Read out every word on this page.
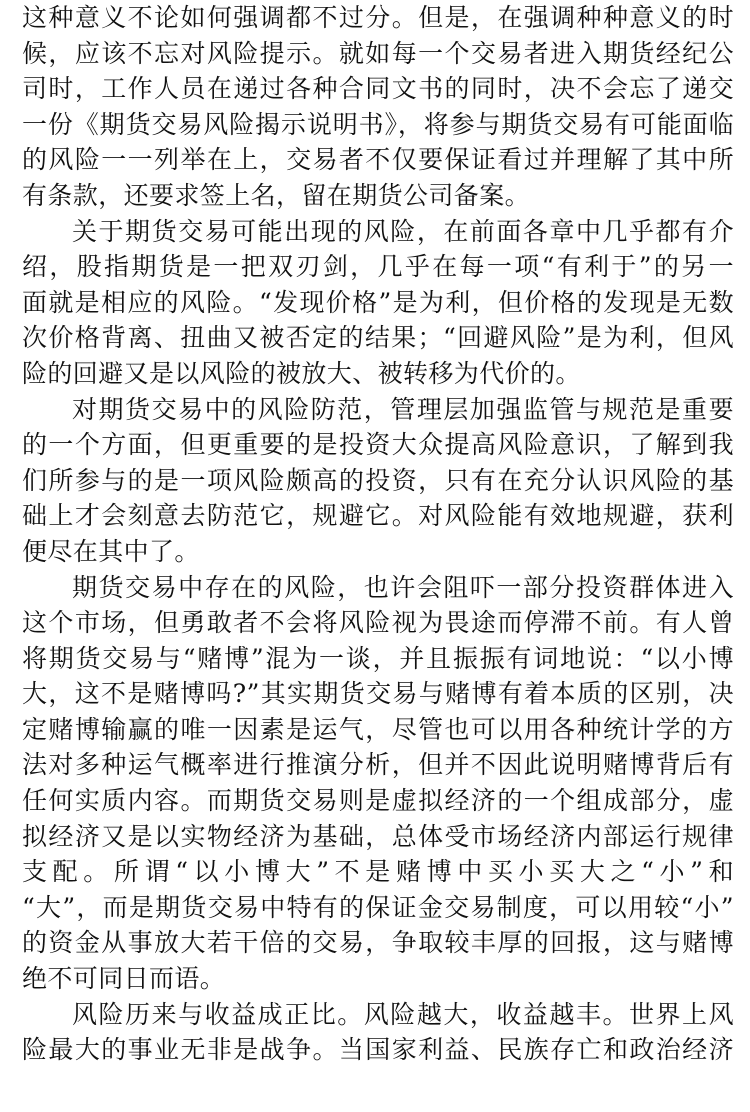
这种意义不论如何强调都不过分。但是，在强调种种意义的时
候，应该不忘对风险提示。就如每一个交易者进入期货经纪公
司时，工作人员在递过各种合同文书的同时，决不会忘了递交
一份《期货交易风险揭示说明书》，将参与期货交易有可能面临
的风险一一列举在上，交易者不仅要保证看过并理解了其中所
有条款，还要求签上名，留在期货公司备案。
关于期货交易可能出现的风险，在前面各章中几乎都有介
绍，股指期货是一把双刃剑，几乎在每一项“有利于”的另一
面就是相应的风险。“发现价格”是为利，但价格的发现是无数
次价格背离、扭曲又被否定的结果；“回避风险”是为利，但风
险的回避又是以风险的被放大、被转移为代价的。
对期货交易中的风险防范，管理层加强监管与规范是重要
的一个方面，但更重要的是投资大众提高风险意识，了解到我
们所参与的是一项风险颇高的投资，只有在充分认识风险的基
础上才会刻意去防范它，规避它。对风险能有效地规避，获利
便尽在其中了。
期货交易中存在的风险，也许会阻吓一部分投资群体进入
这个市场，但勇敢者不会将风险视为畏途而停滞不前。有人曾
将期货交易与“赌博”混为一谈，并且振振有词地说：“以小博
大，这不是赌博吗?”其实期货交易与赌博有着本质的区别，决
定赌博输赢的唯一因素是运气，尽管也可以用各种统计学的方
法对多种运气概率进行推演分析，但并不因此说明赌博背后有
任何实质内容。而期货交易则是虚拟经济的一个组成部分，虚
拟经济又是以实物经济为基础，总体受市场经济内部运行规律
支配。所谓“以小博大”不是赌博中买小买大之“小”和
“大”，而是期货交易中特有的保证金交易制度，可以用较“小”
的资金从事放大若干倍的交易，争取较丰厚的回报，这与赌博
绝不可同日而语。
风险历来与收益成正比。风险越大，收益越丰。世界上风
险最大的事业无非是战争。当国家利益、民族存亡和政治经济
